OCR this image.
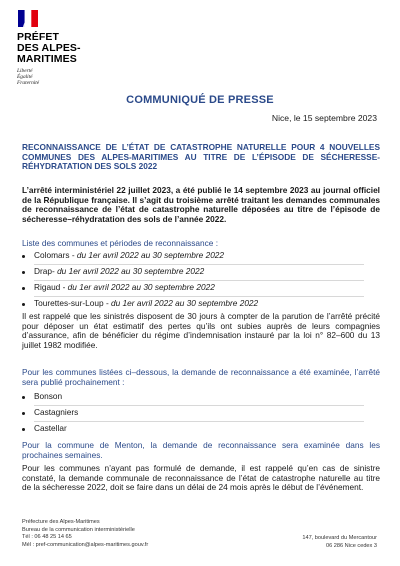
PRÉFET
DES ALPES-
MARITIMES
Liberté
Égalité
Fraternité
COMMUNIQUÉ DE PRESSE
Nice, le 15 septembre 2023
RECONNAISSANCE DE L’ÉTAT DE CATASTROPHE NATURELLE POUR 4 NOUVELLES COMMUNES DES ALPES-MARITIMES AU TITRE DE L’ÉPISODE DE SÉCHERESSE-RÉHYDRATATION DES SOLS 2022
L’arrêté interministériel 22 juillet 2023, a été publié le 14 septembre 2023 au journal officiel de la République française. Il s’agit du troisième arrêté traitant les demandes communales de reconnaissance de l’état de catastrophe naturelle déposées au titre de l’épisode de sécheresse–réhydratation des sols de l’année 2022.
Liste des communes et périodes de reconnaissance :
Colomars - du 1er avril 2022 au 30 septembre 2022
Drap- du 1er avril 2022 au 30 septembre 2022
Rigaud - du 1er avril 2022 au 30 septembre 2022
Tourettes-sur-Loup - du 1er avril 2022 au 30 septembre 2022
Il est rappelé que les sinistrés disposent de 30 jours à compter de la parution de l’arrêté précité pour déposer un état estimatif des pertes qu’ils ont subies auprès de leurs compagnies d’assurance, afin de bénéficier du régime d’indemnisation instauré par la loi n° 82–600 du 13 juillet 1982 modifiée.
Pour les communes listées ci–dessous, la demande de reconnaissance a été examinée, l’arrêté sera publié prochainement :
Bonson
Castagniers
Castellar
Pour la commune de Menton, la demande de reconnaissance sera examinée dans les prochaines semaines.
Pour les communes n’ayant pas formulé de demande, il est rappelé qu’en cas de sinistre constaté, la demande communale de reconnaissance de l’état de catastrophe naturelle au titre de la sécheresse 2022, doit se faire dans un délai de 24 mois après le début de l’événement.
Préfecture des Alpes-Maritimes
Bureau de la communication interministérielle
Tél : 06 48 25 14 65
Mél : pref-communication@alpes-maritimes.gouv.fr
147, boulevard du Mercantour
06 286 Nice cedex 3
